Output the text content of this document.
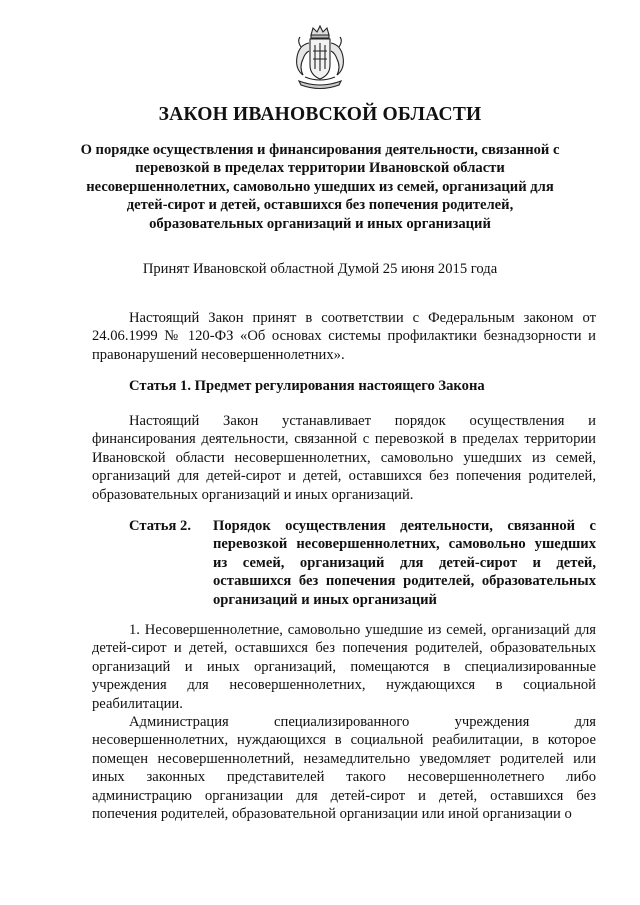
ЗАКОН ИВАНОВСКОЙ ОБЛАСТИ

О порядке осуществления и финансирования деятельности, связанной с перевозкой в пределах территории Ивановской области несовершеннолетних, самовольно ушедших из семей, организаций для детей-сирот и детей, оставшихся без попечения родителей, образовательных организаций и иных организаций

Принят Ивановской областной Думой 25 июня 2015 года

Настоящий Закон принят в соответствии с Федеральным законом от 24.06.1999 № 120-ФЗ «Об основах системы профилактики безнадзорности и правонарушений несовершеннолетних».

Статья 1. Предмет регулирования настоящего Закона

Настоящий Закон устанавливает порядок осуществления и финансирования деятельности, связанной с перевозкой в пределах территории Ивановской области несовершеннолетних, самовольно ушедших из семей, организаций для детей-сирот и детей, оставшихся без попечения родителей, образовательных организаций и иных организаций.

Статья 2.	Порядок осуществления деятельности, связанной с перевозкой несовершеннолетних, самовольно ушедших из семей, организаций для детей-сирот и детей, оставшихся без попечения родителей, образовательных организаций и иных организаций

1. Несовершеннолетние, самовольно ушедшие из семей, организаций для детей-сирот и детей, оставшихся без попечения родителей, образовательных организаций и иных организаций, помещаются в специализированные учреждения для несовершеннолетних, нуждающихся в социальной реабилитации.

Администрация специализированного учреждения для несовершеннолетних, нуждающихся в социальной реабилитации, в которое помещен несовершеннолетний, незамедлительно уведомляет родителей или иных законных представителей такого несовершеннолетнего либо администрацию организации для детей-сирот и детей, оставшихся без попечения родителей, образовательной организации или иной организации о
